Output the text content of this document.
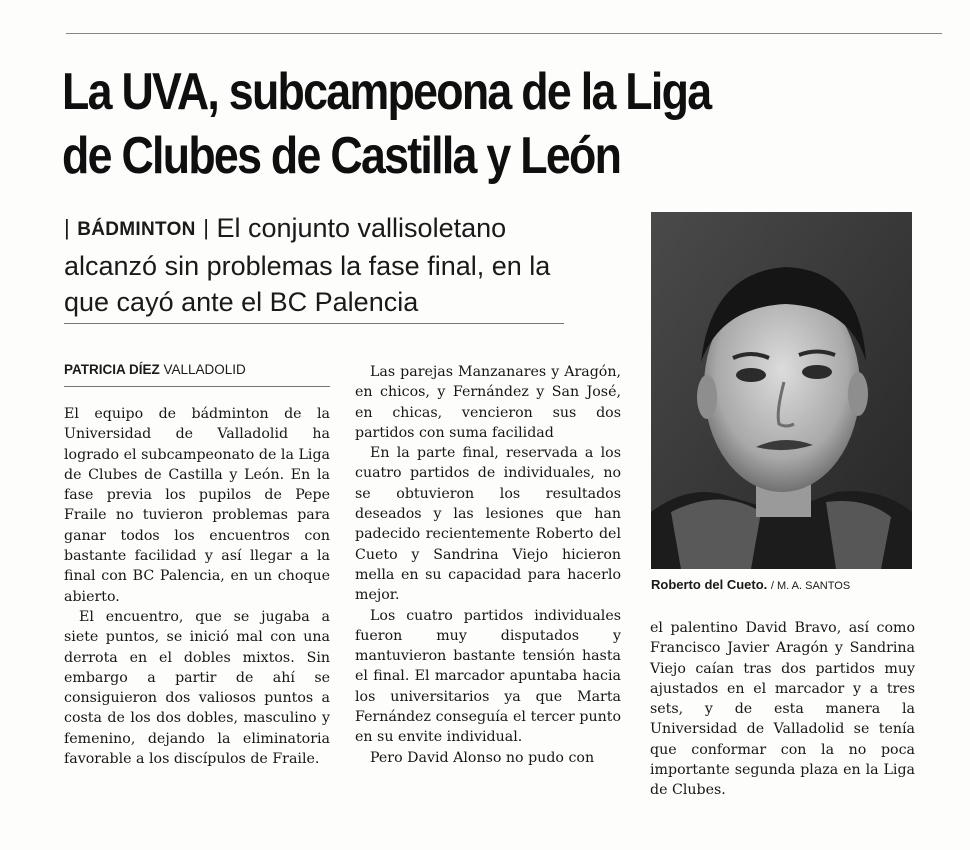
La UVA, subcampeona de la Liga de Clubes de Castilla y León

| BÁDMINTON | El conjunto vallisoletano alcanzó sin problemas la fase final, en la que cayó ante el BC Palencia

PATRICIA DÍEZ VALLADOLID

El equipo de bádminton de la Universidad de Valladolid ha logrado el subcampeonato de la Liga de Clubes de Castilla y León. En la fase previa los pupilos de Pepe Fraile no tuvieron problemas para ganar todos los encuentros con bastante facilidad y así llegar a la final con BC Palencia, en un choque abierto.

El encuentro, que se jugaba a siete puntos, se inició mal con una derrota en el dobles mixtos. Sin embargo a partir de ahí se consiguieron dos valiosos puntos a costa de los dos dobles, masculino y femenino, dejando la eliminatoria favorable a los discípulos de Fraile.

Las parejas Manzanares y Aragón, en chicos, y Fernández y San José, en chicas, vencieron sus dos partidos con suma facilidad

En la parte final, reservada a los cuatro partidos de individuales, no se obtuvieron los resultados deseados y las lesiones que han padecido recientemente Roberto del Cueto y Sandrina Viejo hicieron mella en su capacidad para hacerlo mejor.

Los cuatro partidos individuales fueron muy disputados y mantuvieron bastante tensión hasta el final. El marcador apuntaba hacia los universitarios ya que Marta Fernández conseguía el tercer punto en su envite individual.

Pero David Alonso no pudo con

Roberto del Cueto. / M. A. SANTOS

el palentino David Bravo, así como Francisco Javier Aragón y Sandrina Viejo caían tras dos partidos muy ajustados en el marcador y a tres sets, y de esta manera la Universidad de Valladolid se tenía que conformar con la no poca importante segunda plaza en la Liga de Clubes.
